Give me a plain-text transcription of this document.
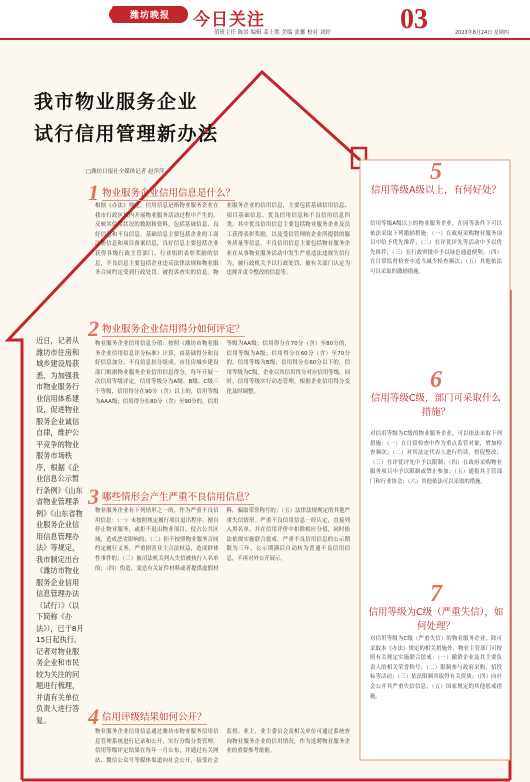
潍坊晚报 今日关注
值班主任 陈景 编辑 姜士胜 美编 张馨 校对 刘婷 03	2023年8月24日 星期四
我市物业服务企业
试行信用管理新办法
□潍坊日报社全媒体记者 赵萍萍
近日，记者从潍坊市住房和城乡建设局获悉，为加强我市物业服务行业信用体系建设，促进物业服务企业诚信自律，维护公平竞争的物业服务市场秩序，根据《企业信息公示暂行条例》《山东省物业管理条例》《山东省物业服务企业信用信息管理办法》等规定，我市制定出台《潍坊市物业服务企业信用信息管理办法（试行）》（以下简称《办法》），已于8月15日起执行。记者对物业服务企业和市民较为关注的问题进行梳理，并请有关单位负责人进行答复。
1 物业服务企业信用信息是什么？
根据《办法》规定，信用信息是指物业服务企业在我市行政区域内开展物业服务活动过程中产生的，反映其信用状况的数据和资料，包括基础信息、良好信息和不良信息。基础信息主要包括企业的工商注册信息和项目备案信息，良好信息主要包括企业获得各级行政主管部门、行业组织表彰奖励的信息，不良信息主要包括企业违反法律法规和物业服务合同约定受到行政处罚、被投诉查实的信息。物业服务企业的信用信息，主要包括基础信用信息、项目基础信息、优良信用信息和不良信用信息四类。其中优良信用信息主要包括物业服务企业及员工获得表彰奖励，以及受信管理的企业所提供的服务质量等信息。不良信用信息主要包括物业服务企业在从事物业服务活动中发生严重违法违规失信行为，被行政机关予以行政处罚、被有关部门认定为违规并责令整改的信息等。
2 物业服务企业信用得分如何评定？
物业服务企业信用信息分值：按照《潍坊市物业服务企业信用信息评分标准》计算，由基础得分和良好信息加分、不良信息扣分组成。市住房城乡建设部门根据物业服务企业信用信息得分，每年开展一次信用等级评定，信用等级分为A级、B级、C级三个等级，信用得分在90分（含）以上的，信用等级为AAA级；信用得分在80分（含）至90分的，信用等级为AA级；信用得分在70分（含）至80分的，信用等级为A级；信用得分在60分（含）至70分的，信用等级为B级；信用得分在60分以下的，信用等级为C级。企业以其信用得分对应信用等级。同时，信用等级实行动态管理，根据企业信用得分变化及时调整。
3 哪些情形会产生严重不良信用信息？
物业服务企业有下列情形之一的，作为严重不良信用信息：（一）未按照规定履行项目退出程序，擅自停止物业服务，或拒不退出物业项目、侵占公共区域，造成恶劣影响的；（二）拒不按照物业服务合同约定履行义务，严重损害业主合法权益，造成群体性事件的；（三）被司法机关列入失信被执行人名单的；（四）伪造、变造有关证件材料或者提供虚假材料，骗取荣誉称号的；（五）法律法规规定的其他严重失信情形。严重不良信用信息一经认定，直接列入黑名单，并在信用评价中扣除相应分值，同时依法依规实施联合惩戒。严重不良信用信息的公示期限为三年，公示期满后自动转为普通不良信用信息，不再对外公开展示。
4 信用评级结果如何公开？
物业服务企业信用信息通过潍坊市物业服务信用信息管理系统进行记录和公开，实行分级分类管理。信用等级评定结果在每年一月公布，并通过有关网站、微信公众号等媒体渠道向社会公开，接受社会监督。业主、业主委员会及相关单位可通过系统查询物业服务企业的信用情况，作为选聘物业服务企业的重要参考依据。
5
信用等级A级以上，有何好处？
信用等级A级以上的物业服务企业，在同等条件下可以依法采取下列激励措施：（一）在政府采购物业服务项目中给予优先推荐；（二）在评优评先等活动中予以优先推荐；（三）在行政审批中予以绿色通道便利；（四）在日常监督检查中适当减少检查频次；（五）其他依法可以采取的激励措施。
6
信用等级C级，部门可采取什么措施？
对信用等级为C级的物业服务企业，可以依法采取下列措施：（一）在日常检查中作为重点监管对象，增加检查频次；（二）对其法定代表人进行约谈，督促整改；（三）在评优评先中予以限制；（四）在政府采购物业服务项目中予以限制或禁止参加；（五）通报其主管部门和行业协会；（六）其他依法可以采取的措施。
7
信用等级为C级（严重失信），如何处理？
对信用等级为C级（严重失信）的物业服务企业，除可采取本《办法》规定的相关措施外，物业主管部门可按照有关规定实施联合惩戒：（一）撤销企业及其主要负责人的相关荣誉称号；（二）限制参与政府采购、招投标等活动；（三）依法限制其取得有关资质；（四）向社会公开其严重失信信息；（五）国家规定的其他惩戒措施。
